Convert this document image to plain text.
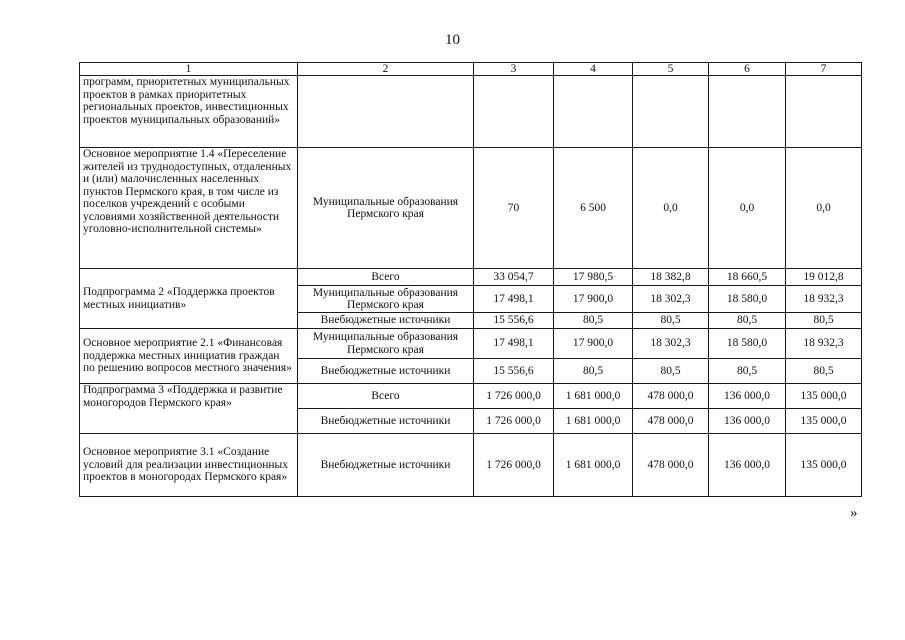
10
1	2	3	4	5	6	7
программ, приоритетных муниципальных проектов в рамках приоритетных региональных проектов, инвестиционных проектов муниципальных образований»						
Основное мероприятие 1.4 «Переселение жителей из труднодоступных, отдаленных и (или) малочисленных населенных пунктов Пермского края, в том числе из поселков учреждений с особыми условиями хозяйственной деятельности уголовно-исполнительной системы»	Муниципальные образования Пермского края	70	6 500	0,0	0,0	0,0
Подпрограмма 2 «Поддержка проектов местных инициатив»	Всего	33 054,7	17 980,5	18 382,8	18 660,5	19 012,8
	Муниципальные образования Пермского края	17 498,1	17 900,0	18 302,3	18 580,0	18 932,3
	Внебюджетные источники	15 556,6	80,5	80,5	80,5	80,5
Основное мероприятие 2.1 «Финансовая поддержка местных инициатив граждан по решению вопросов местного значения»	Муниципальные образования Пермского края	17 498,1	17 900,0	18 302,3	18 580,0	18 932,3
	Внебюджетные источники	15 556,6	80,5	80,5	80,5	80,5
Подпрограмма 3 «Поддержка и развитие моногородов Пермского края»	Всего	1 726 000,0	1 681 000,0	478 000,0	136 000,0	135 000,0
	Внебюджетные источники	1 726 000,0	1 681 000,0	478 000,0	136 000,0	135 000,0
Основное мероприятие 3.1 «Создание условий для реализации инвестиционных проектов в моногородах Пермского края»	Внебюджетные источники	1 726 000,0	1 681 000,0	478 000,0	136 000,0	135 000,0
»
